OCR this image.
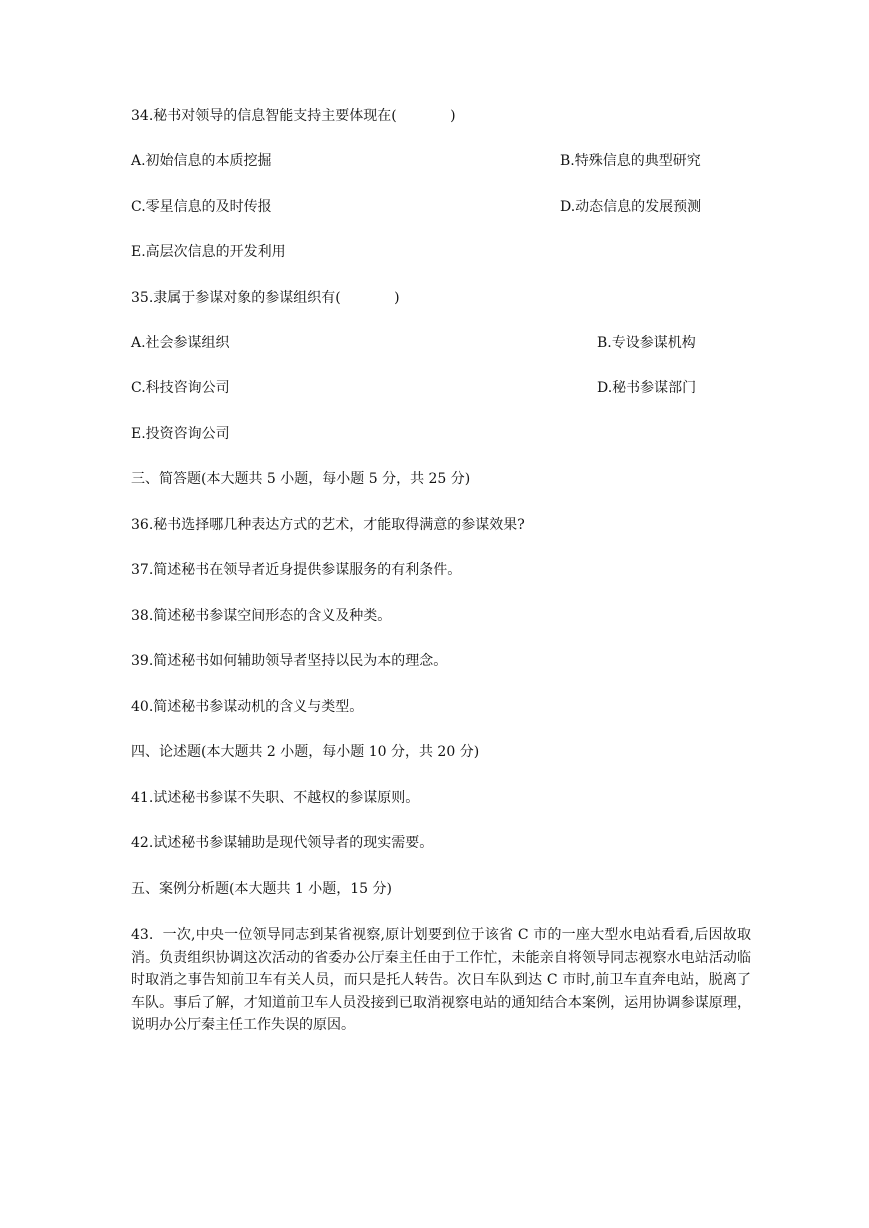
34.秘书对领导的信息智能支持主要体现在(            )
A.初始信息的本质挖掘	B.特殊信息的典型研究
C.零星信息的及时传报	D.动态信息的发展预测
E.高层次信息的开发利用
35.隶属于参谋对象的参谋组织有(            )
A.社会参谋组织	B.专设参谋机构
C.科技咨询公司	D.秘书参谋部门
E.投资咨询公司
三、简答题(本大题共 5 小题，每小题 5 分，共 25 分)
36.秘书选择哪几种表达方式的艺术，才能取得满意的参谋效果?
37.简述秘书在领导者近身提供参谋服务的有利条件。
38.简述秘书参谋空间形态的含义及种类。
39.简述秘书如何辅助领导者坚持以民为本的理念。
40.简述秘书参谋动机的含义与类型。
四、论述题(本大题共 2 小题，每小题 10 分，共 20 分)
41.试述秘书参谋不失职、不越权的参谋原则。
42.试述秘书参谋辅助是现代领导者的现实需要。
五、案例分析题(本大题共 1 小题，15 分)
43.  一次,中央一位领导同志到某省视察,原计划要到位于该省 C 市的一座大型水电站看看,后因故取消。负责组织协调这次活动的省委办公厅秦主任由于工作忙，未能亲自将领导同志视察水电站活动临时取消之事告知前卫车有关人员，而只是托人转告。次日车队到达 C 市时,前卫车直奔电站，脱离了车队。事后了解，才知道前卫车人员没接到已取消视察电站的通知结合本案例，运用协调参谋原理，说明办公厅秦主任工作失误的原因。
